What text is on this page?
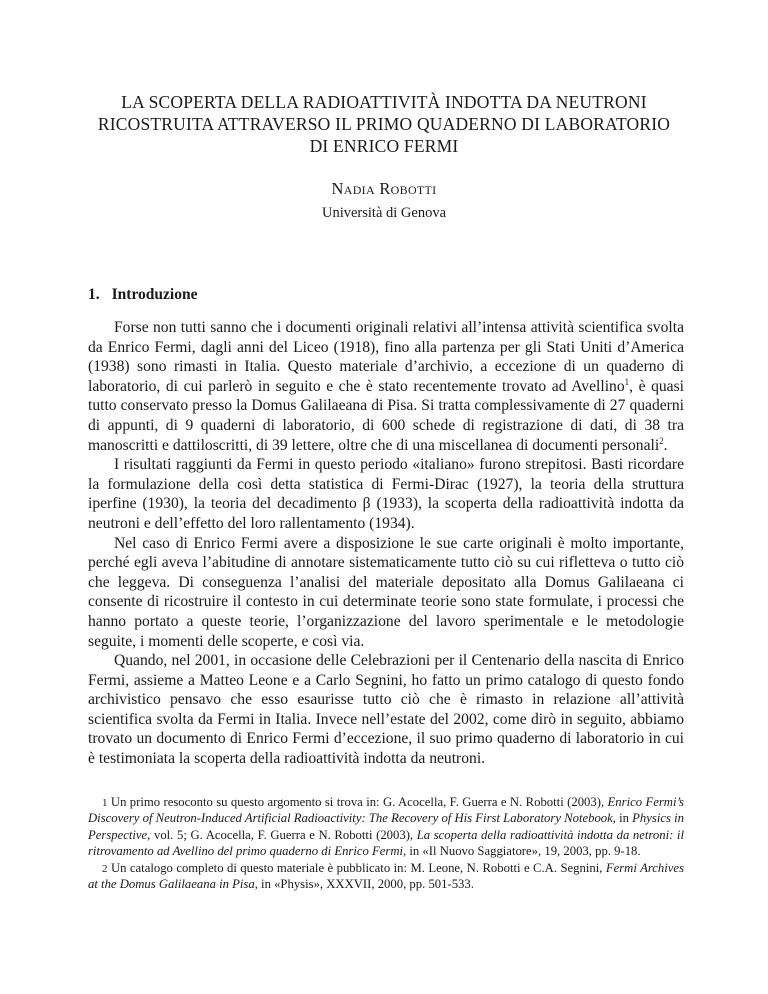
LA SCOPERTA DELLA RADIOATTIVITÀ INDOTTA DA NEUTRONI
RICOSTRUITA ATTRAVERSO IL PRIMO QUADERNO DI LABORATORIO
DI ENRICO FERMI

Nadia Robotti

Università di Genova

1. Introduzione

Forse non tutti sanno che i documenti originali relativi all’intensa attività scientifica svolta da Enrico Fermi, dagli anni del Liceo (1918), fino alla partenza per gli Stati Uniti d’America (1938) sono rimasti in Italia. Questo materiale d’archivio, a eccezione di un quaderno di laboratorio, di cui parlerò in seguito e che è stato recentemente trovato ad Avellino$^1$, è quasi tutto conservato presso la Domus Galilaeana di Pisa. Si tratta complessivamente di 27 quaderni di appunti, di 9 quaderni di laboratorio, di 600 schede di registrazione di dati, di 38 tra manoscritti e dattiloscritti, di 39 lettere, oltre che di una miscellanea di documenti personali$^2$.

I risultati raggiunti da Fermi in questo periodo «italiano» furono strepitosi. Basti ricordare la formulazione della così detta statistica di Fermi-Dirac (1927), la teoria della struttura iperfine (1930), la teoria del decadimento β (1933), la scoperta della radioattività indotta da neutroni e dell’effetto del loro rallentamento (1934).

Nel caso di Enrico Fermi avere a disposizione le sue carte originali è molto importante, perché egli aveva l’abitudine di annotare sistematicamente tutto ciò su cui rifletteva o tutto ciò che leggeva. Di conseguenza l’analisi del materiale depositato alla Domus Galilaeana ci consente di ricostruire il contesto in cui determinate teorie sono state formulate, i processi che hanno portato a queste teorie, l’organizzazione del lavoro sperimentale e le metodologie seguite, i momenti delle scoperte, e così via.

Quando, nel 2001, in occasione delle Celebrazioni per il Centenario della nascita di Enrico Fermi, assieme a Matteo Leone e a Carlo Segnini, ho fatto un primo catalogo di questo fondo archivistico pensavo che esso esaurisse tutto ciò che è rimasto in relazione all’attività scientifica svolta da Fermi in Italia. Invece nell’estate del 2002, come dirò in seguito, abbiamo trovato un documento di Enrico Fermi d’eccezione, il suo primo quaderno di laboratorio in cui è testimoniata la scoperta della radioattività indotta da neutroni.

1 Un primo resoconto su questo argomento si trova in: G. Acocella, F. Guerra e N. Robotti (2003), Enrico Fermi’s Discovery of Neutron-Induced Artificial Radioactivity: The Recovery of His First Laboratory Notebook, in Physics in Perspective, vol. 5; G. Acocella, F. Guerra e N. Robotti (2003), La scoperta della radioattività indotta da netroni: il ritrovamento ad Avellino del primo quaderno di Enrico Fermi, in «Il Nuovo Saggiatore», 19, 2003, pp. 9-18.

2 Un catalogo completo di questo materiale è pubblicato in: M. Leone, N. Robotti e C.A. Segnini, Fermi Archives at the Domus Galilaeana in Pisa, in «Physis», XXXVII, 2000, pp. 501-533.
